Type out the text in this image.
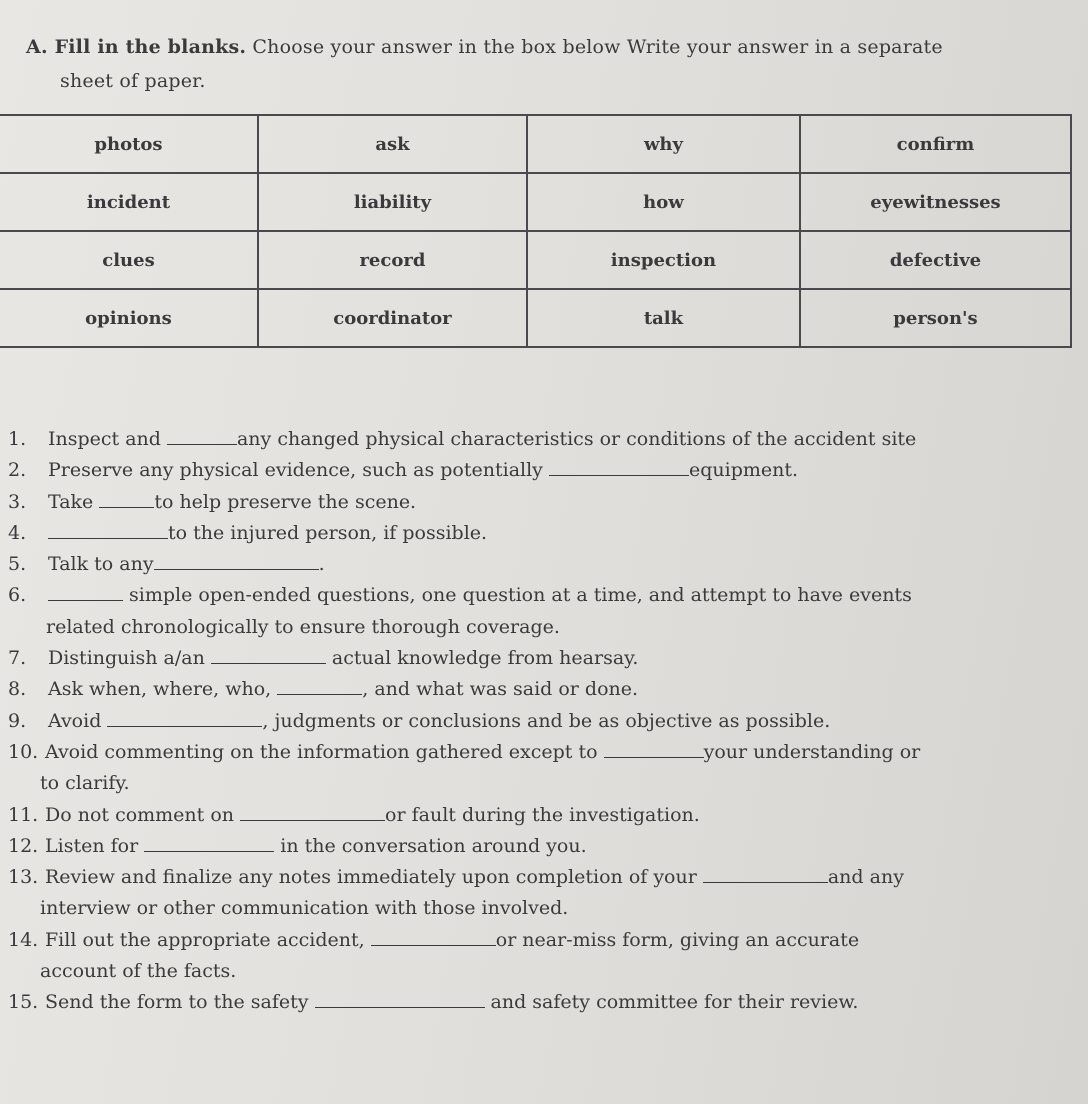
A. Fill in the blanks. Choose your answer in the box below Write your answer in a separate
sheet of paper.
photos	ask	why	confirm
incident	liability	how	eyewitnesses
clues	record	inspection	defective
opinions	coordinator	talk	person's
1. Inspect and	any changed physical characteristics or conditions of the accident site
2. Preserve any physical evidence, such as potentially	equipment.
3. Take	to help preserve the scene.
4.	to the injured person, if possible.
5. Talk to any	.
6.	simple open-ended questions, one question at a time, and attempt to have events
related chronologically to ensure thorough coverage.
7. Distinguish a/an	actual knowledge from hearsay.
8. Ask when, where, who,	, and what was said or done.
9. Avoid	, judgments or conclusions and be as objective as possible.
10. Avoid commenting on the information gathered except to	your understanding or
to clarify.
11. Do not comment on	or fault during the investigation.
12. Listen for	in the conversation around you.
13. Review and finalize any notes immediately upon completion of your	and any
interview or other communication with those involved.
14. Fill out the appropriate accident,	or near-miss form, giving an accurate
account of the facts.
15. Send the form to the safety	and safety committee for their review.
